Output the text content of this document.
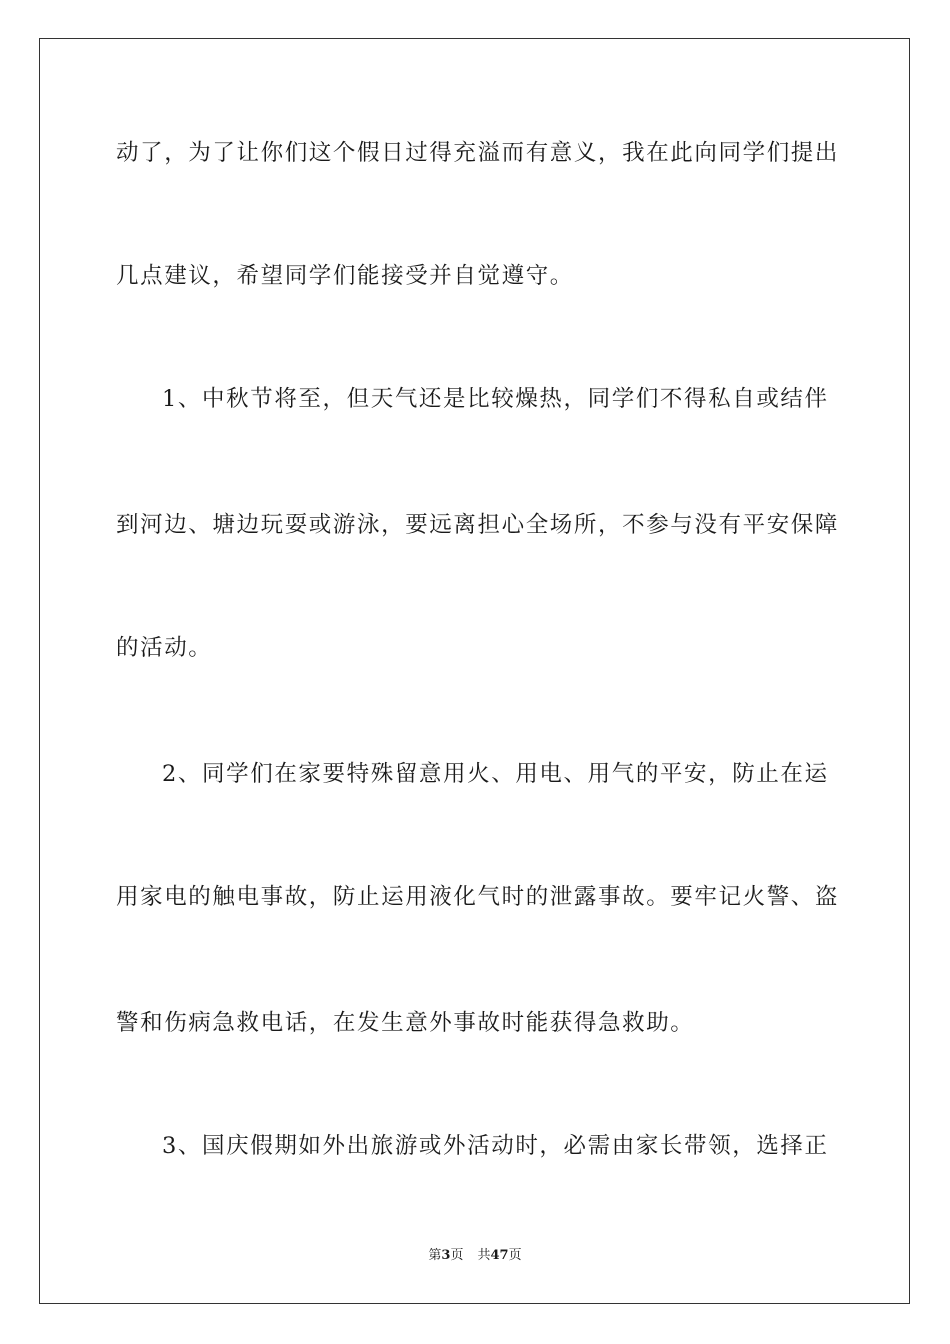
动了，为了让你们这个假日过得充溢而有意义，我在此向同学们提出
几点建议，希望同学们能接受并自觉遵守。
1、中秋节将至，但天气还是比较燥热，同学们不得私自或结伴
到河边、塘边玩耍或游泳，要远离担心全场所，不参与没有平安保障
的活动。
2、同学们在家要特殊留意用火、用电、用气的平安，防止在运
用家电的触电事故，防止运用液化气时的泄露事故。要牢记火警、盗
警和伤病急救电话，在发生意外事故时能获得急救助。
3、国庆假期如外出旅游或外活动时，必需由家长带领，选择正
第3页 共47页
